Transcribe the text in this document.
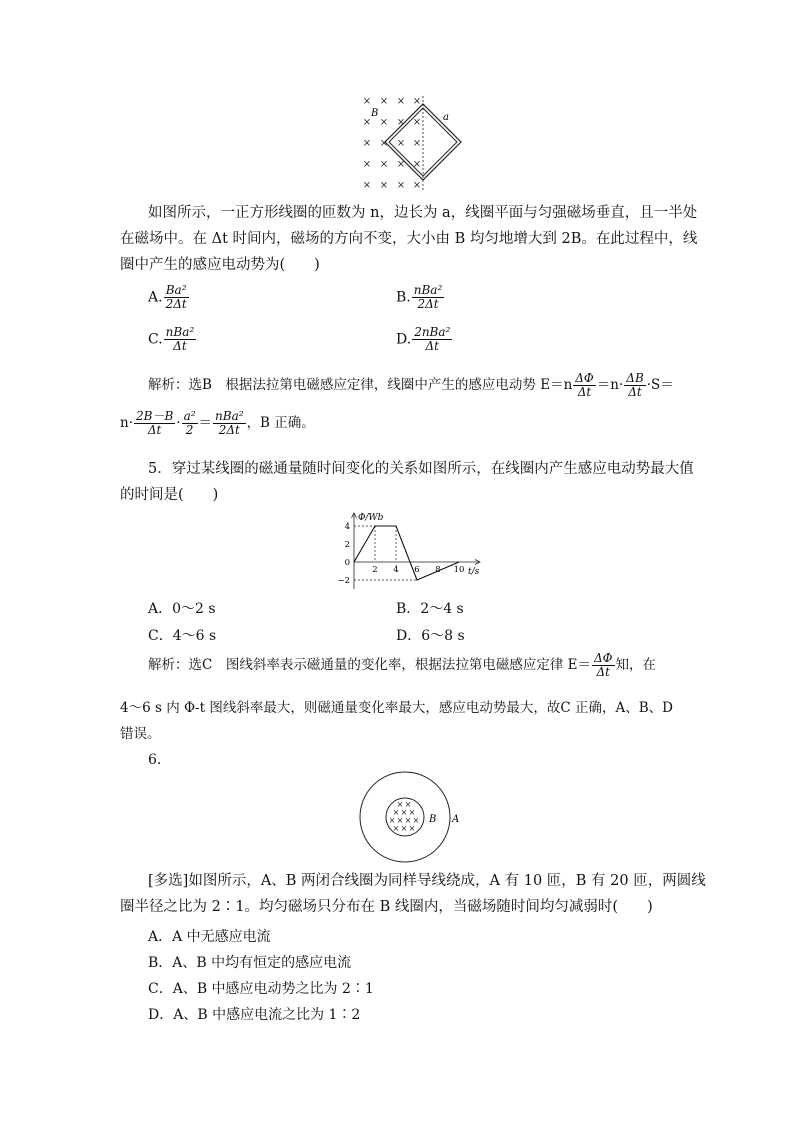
× × × ×
× × × ×
× × × ×
× × × ×
× × × ×
B	a
如图所示，一正方形线圈的匝数为 n，边长为 a，线圈平面与匀强磁场垂直，且一半处
在磁场中。在 Δt 时间内，磁场的方向不变，大小由 B 均匀地增大到 2B。在此过程中，线
圈中产生的感应电动势为(　　)
A. $\frac{\text{Ba²}}{2\Delta t}$	B. $\frac{\text{nBa²}}{2\Delta t}$
C. $\frac{\text{nBa²}}{\Delta t}$	D. $\frac{\text{2nBa²}}{\Delta t}$
解析：选B　根据法拉第电磁感应定律，线圈中产生的感应电动势 $E=n \frac{\Delta\Phi}{\Delta t} =n\cdot \frac{\Delta B}{\Delta t} \cdot S=$
$n\cdot \frac{2B-B}{\Delta t} \cdot \frac{\text{a²}}{2} = \frac{\text{nBa²}}{2\Delta t}$ ，B 正确。
5．穿过某线圈的磁通量随时间变化的关系如图所示，在线圈内产生感应电动势最大值
的时间是(　　)
Φ/Wb
t/s
2 4 6 8 10
4
2
0
−2
A．0～2 s	B．2～4 s
C．4～6 s	D．6～8 s
解析：选C　图线斜率表示磁通量的变化率，根据法拉第电磁感应定律 $E= \frac{\Delta\Phi}{\Delta t}$ 知，在
4～6 s 内 Φ-t 图线斜率最大，则磁通量变化率最大，感应电动势最大，故C 正确，A、B、D
错误。
6.
× ×
× × ×
× × × ×
× × ×
B A
[多选]如图所示，A、B 两闭合线圈为同样导线绕成，A 有 10 匝，B 有 20 匝，两圆线
圈半径之比为 2∶1。均匀磁场只分布在 B 线圈内，当磁场随时间均匀减弱时(　　)
A．A 中无感应电流
B．A、B 中均有恒定的感应电流
C．A、B 中感应电动势之比为 2∶1
D．A、B 中感应电流之比为 1∶2
